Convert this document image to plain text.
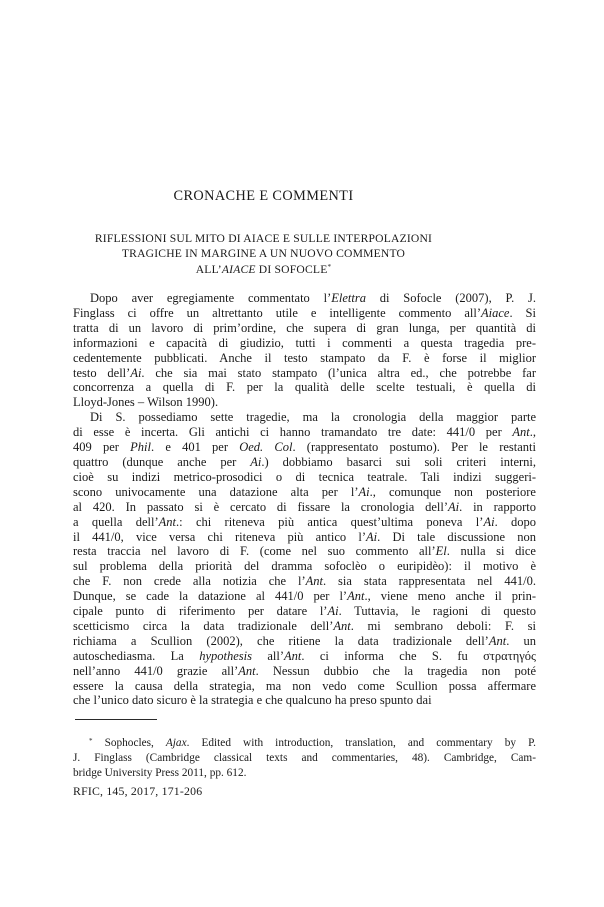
CRONACHE E COMMENTI
RIFLESSIONI SUL MITO DI AIACE E SULLE INTERPOLAZIONI
TRAGICHE IN MARGINE A UN NUOVO COMMENTO
ALL’AIACE DI SOFOCLE*
Dopo aver egregiamente commentato l’Elettra di Sofocle (2007), P. J.
Finglass ci offre un altrettanto utile e intelligente commento all’Aiace. Si
tratta di un lavoro di prim’ordine, che supera di gran lunga, per quantità di
informazioni e capacità di giudizio, tutti i commenti a questa tragedia pre-
cedentemente pubblicati. Anche il testo stampato da F. è forse il miglior
testo dell’Ai. che sia mai stato stampato (l’unica altra ed., che potrebbe far
concorrenza a quella di F. per la qualità delle scelte testuali, è quella di
Lloyd-Jones – Wilson 1990).
Di S. possediamo sette tragedie, ma la cronologia della maggior parte
di esse è incerta. Gli antichi ci hanno tramandato tre date: 441/0 per Ant.,
409 per Phil. e 401 per Oed. Col. (rappresentato postumo). Per le restanti
quattro (dunque anche per Ai.) dobbiamo basarci sui soli criteri interni,
cioè su indizi metrico-prosodici o di tecnica teatrale. Tali indizi suggeri-
scono univocamente una datazione alta per l’Ai., comunque non posteriore
al 420. In passato si è cercato di fissare la cronologia dell’Ai. in rapporto
a quella dell’Ant.: chi riteneva più antica quest’ultima poneva l’Ai. dopo
il 441/0, vice versa chi riteneva più antico l’Ai. Di tale discussione non
resta traccia nel lavoro di F. (come nel suo commento all’El. nulla si dice
sul problema della priorità del dramma sofoclèo o euripidèo): il motivo è
che F. non crede alla notizia che l’Ant. sia stata rappresentata nel 441/0.
Dunque, se cade la datazione al 441/0 per l’Ant., viene meno anche il prin-
cipale punto di riferimento per datare l’Ai. Tuttavia, le ragioni di questo
scetticismo circa la data tradizionale dell’Ant. mi sembrano deboli: F. si
richiama a Scullion (2002), che ritiene la data tradizionale dell’Ant. un
autoschediasma. La hypothesis all’Ant. ci informa che S. fu στρατηγός
nell’anno 441/0 grazie all’Ant. Nessun dubbio che la tragedia non poté
essere la causa della strategia, ma non vedo come Scullion possa affermare
che l’unico dato sicuro è la strategia e che qualcuno ha preso spunto dai
* Sophocles, Ajax. Edited with introduction, translation, and commentary by P.
J. Finglass (Cambridge classical texts and commentaries, 48). Cambridge, Cam-
bridge University Press 2011, pp. 612.
RFIC, 145, 2017, 171-206
